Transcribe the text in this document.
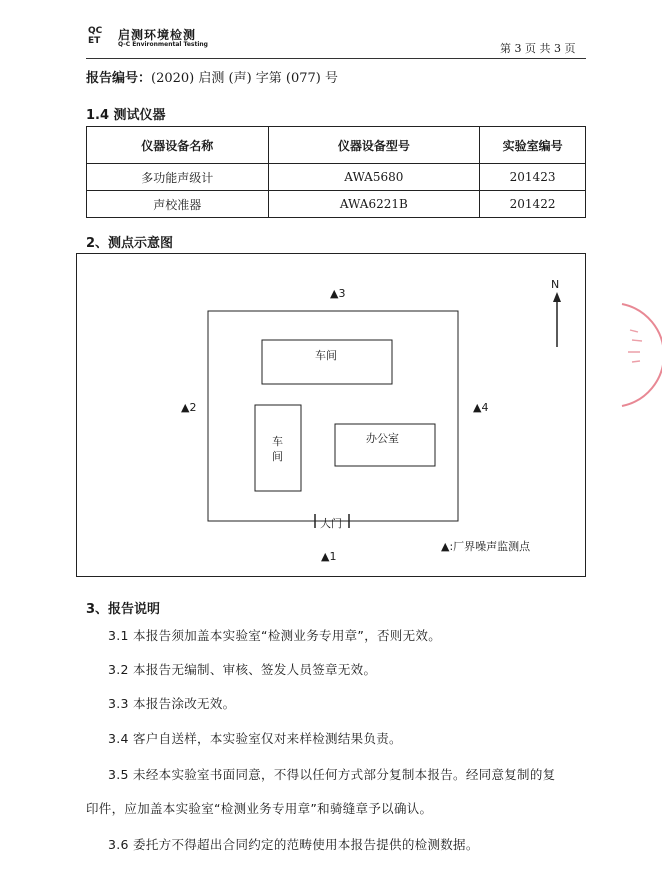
QC
ET	启测环境检测
Q-C Environmental Testing	第 3 页 共 3 页
报告编号：(2020) 启测 (声) 字第 (077) 号
1.4 测试仪器
仪器设备名称	仪器设备型号	实验室编号
多功能声级计	AWA5680	201423
声校准器	AWA6221B	201422
2、测点示意图
N
▲3
▲2	▲4
▲1
车间
车间
办公室
大门
▲:厂界噪声监测点
3、报告说明
3.1 本报告须加盖本实验室“检测业务专用章”，否则无效。
3.2 本报告无编制、审核、签发人员签章无效。
3.3 本报告涂改无效。
3.4 客户自送样，本实验室仅对来样检测结果负责。
3.5 未经本实验室书面同意，不得以任何方式部分复制本报告。经同意复制的复
印件，应加盖本实验室“检测业务专用章”和骑缝章予以确认。
3.6 委托方不得超出合同约定的范畴使用本报告提供的检测数据。
